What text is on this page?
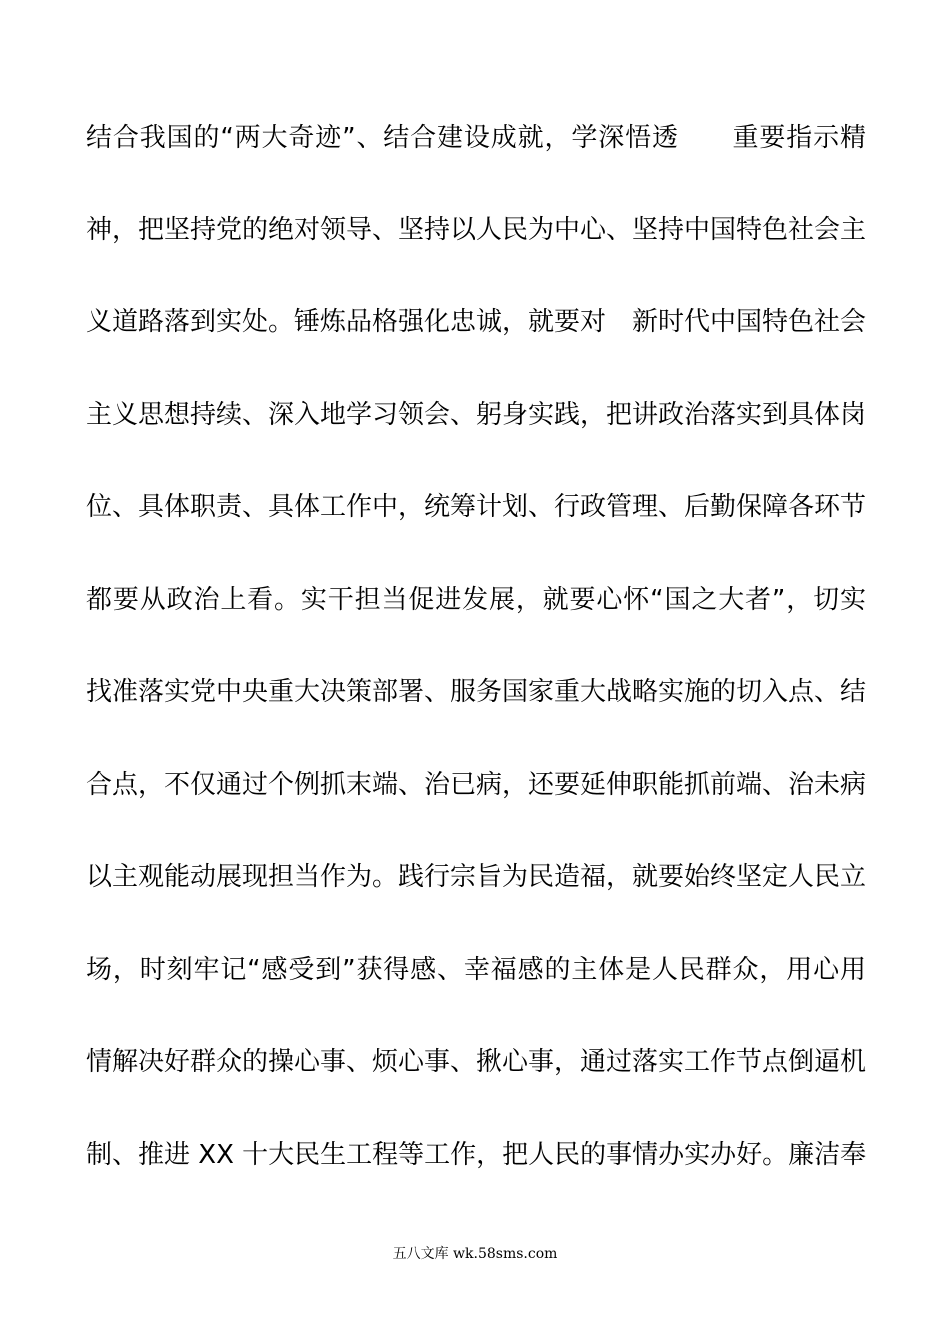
结合我国的“两大奇迹”、结合建设成就，学深悟透　　重要指示精
神，把坚持党的绝对领导、坚持以人民为中心、坚持中国特色社会主
义道路落到实处。锤炼品格强化忠诚，就要对　新时代中国特色社会
主义思想持续、深入地学习领会、躬身实践，把讲政治落实到具体岗
位、具体职责、具体工作中，统筹计划、行政管理、后勤保障各环节
都要从政治上看。实干担当促进发展，就要心怀“国之大者”，切实
找准落实党中央重大决策部署、服务国家重大战略实施的切入点、结
合点，不仅通过个例抓末端、治已病，还要延伸职能抓前端、治未病
以主观能动展现担当作为。践行宗旨为民造福，就要始终坚定人民立
场，时刻牢记“感受到”获得感、幸福感的主体是人民群众，用心用
情解决好群众的操心事、烦心事、揪心事，通过落实工作节点倒逼机
制、推进 XX 十大民生工程等工作，把人民的事情办实办好。廉洁奉
五八文库 wk.58sms.com
